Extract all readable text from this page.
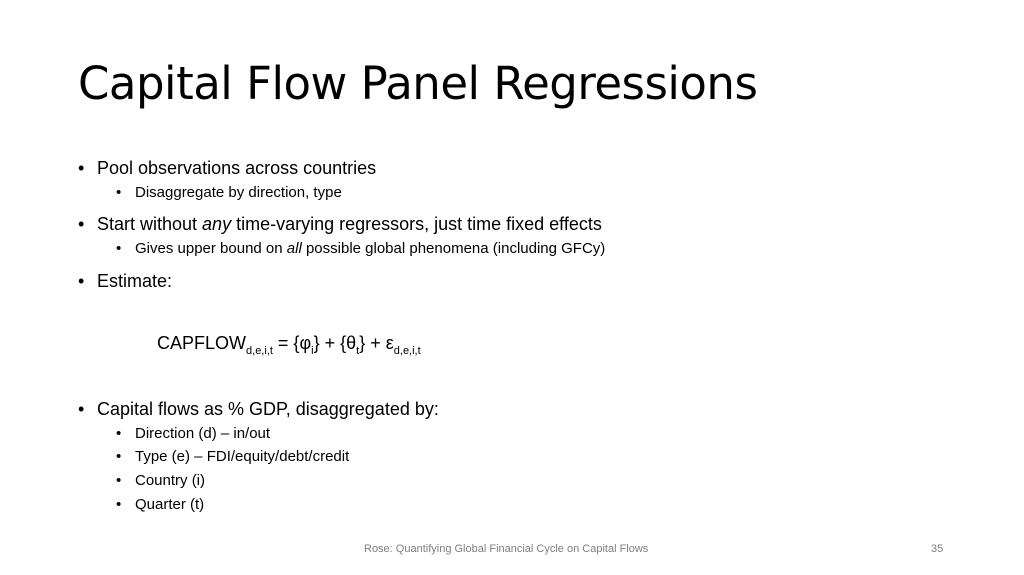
Capital Flow Panel Regressions
•Pool observations across countries
•Disaggregate by direction, type
•Start without any time-varying regressors, just time fixed effects
•Gives upper bound on all possible global phenomena (including GFCy)
•Estimate:
$CAPFLOW_{d,e,i,t} = \{\varphi_i\} + \{\theta_t\} + \varepsilon_{d,e,i,t}$
•Capital flows as % GDP, disaggregated by:
•Direction (d) – in/out
•Type (e) – FDI/equity/debt/credit
•Country (i)
•Quarter (t)
Rose: Quantifying Global Financial Cycle on Capital Flows	35
